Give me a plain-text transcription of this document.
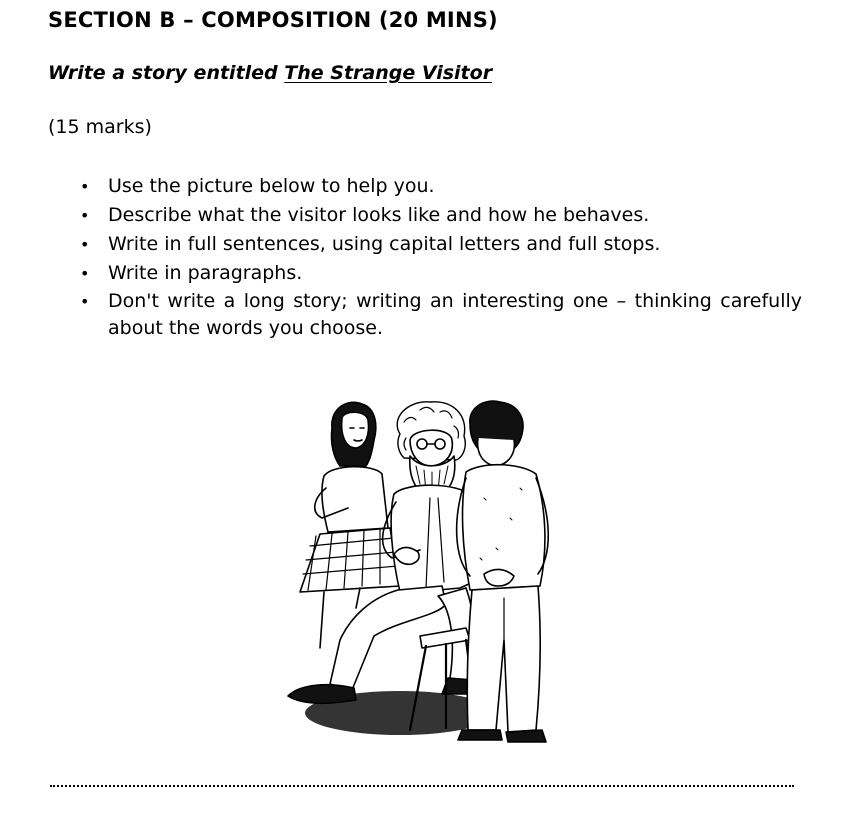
SECTION B – COMPOSITION (20 MINS)
Write a story entitled The Strange Visitor
(15 marks)
• Use the picture below to help you.
• Describe what the visitor looks like and how he behaves.
• Write in full sentences, using capital letters and full stops.
• Write in paragraphs.
• Don't write a long story; writing an interesting one – thinking carefully about the words you choose.
